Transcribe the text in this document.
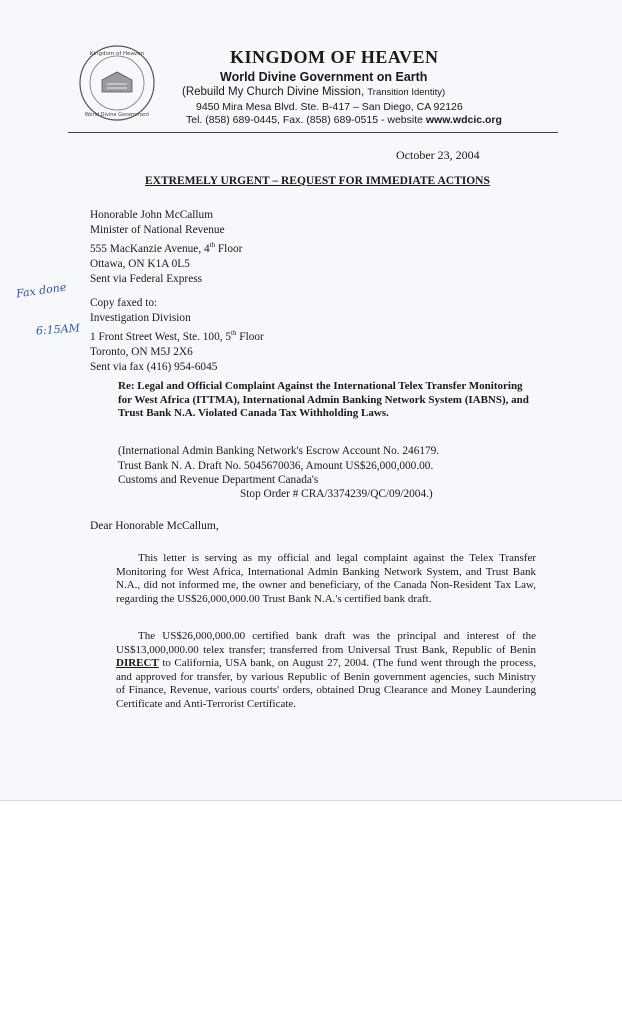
Kingdom of Heaven
World Divine Government
KINGDOM OF HEAVEN
World Divine Government on Earth
(Rebuild My Church Divine Mission, Transition Identity)
9450 Mira Mesa Blvd. Ste. B-417 – San Diego, CA 92126
Tel. (858) 689-0445, Fax. (858) 689-0515 - website www.wdcic.org
October 23, 2004
EXTREMELY URGENT – REQUEST FOR IMMEDIATE ACTIONS
Honorable John McCallum
Minister of National Revenue
555 MacKanzie Avenue, 4th Floor
Ottawa, ON K1A 0L5
Sent via Federal Express
Fax done
6:15AM
Copy faxed to:
Investigation Division
1 Front Street West, Ste. 100, 5th Floor
Toronto, ON M5J 2X6
Sent via fax (416) 954-6045
Re: Legal and Official Complaint Against the International Telex Transfer Monitoring for West Africa (ITTMA), International Admin Banking Network System (IABNS), and Trust Bank N.A. Violated Canada Tax Withholding Laws.
(International Admin Banking Network's Escrow Account No. 246179.
Trust Bank N. A. Draft No. 5045670036, Amount US$26,000,000.00.
Customs and Revenue Department Canada's
Stop Order # CRA/3374239/QC/09/2004.)
Dear Honorable McCallum,
This letter is serving as my official and legal complaint against the Telex Transfer Monitoring for West Africa, International Admin Banking Network System, and Trust Bank N.A., did not informed me, the owner and beneficiary, of the Canada Non-Resident Tax Law, regarding the US$26,000,000.00 Trust Bank N.A.'s certified bank draft.
The US$26,000,000.00 certified bank draft was the principal and interest of the US$13,000,000.00 telex transfer; transferred from Universal Trust Bank, Republic of Benin DIRECT to California, USA bank, on August 27, 2004. (The fund went through the process, and approved for transfer, by various Republic of Benin government agencies, such Ministry of Finance, Revenue, various courts' orders, obtained Drug Clearance and Money Laundering Certificate and Anti-Terrorist Certificate.
